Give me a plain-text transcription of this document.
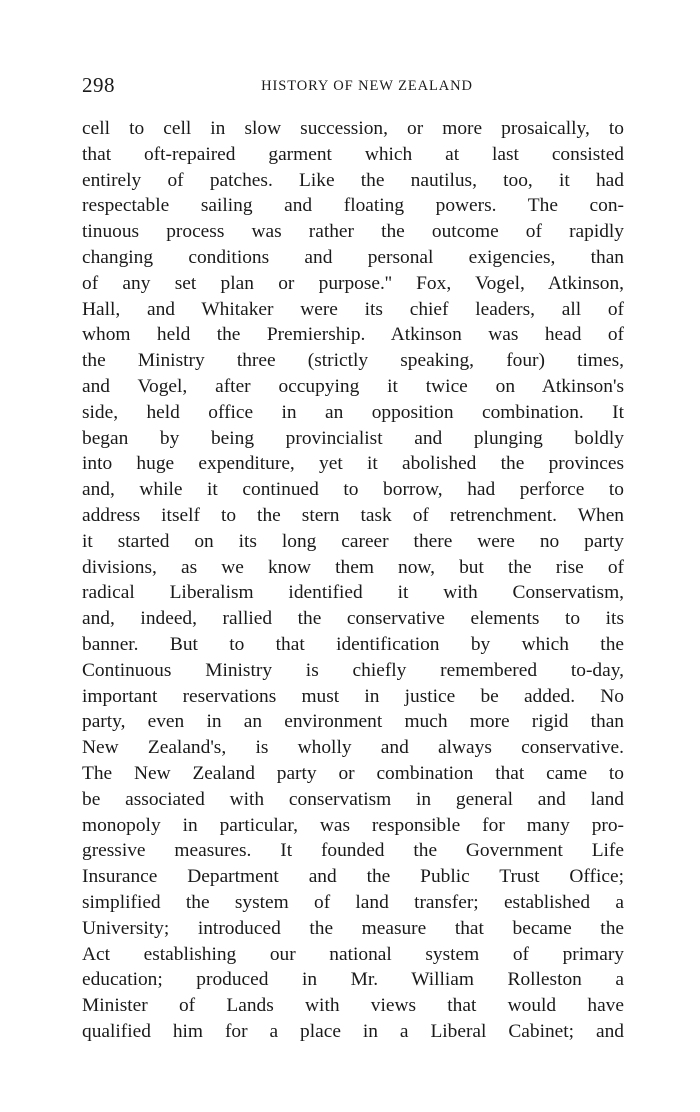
298	HISTORY OF NEW ZEALAND
cell to cell in slow succession, or more prosaically, to
that oft-repaired garment which at last consisted
entirely of patches. Like the nautilus, too, it had
respectable sailing and floating powers. The con-
tinuous process was rather the outcome of rapidly
changing conditions and personal exigencies, than
of any set plan or purpose.'' Fox, Vogel, Atkinson,
Hall, and Whitaker were its chief leaders, all of
whom held the Premiership. Atkinson was head of
the Ministry three (strictly speaking, four) times,
and Vogel, after occupying it twice on Atkinson's
side, held office in an opposition combination. It
began by being provincialist and plunging boldly
into huge expenditure, yet it abolished the provinces
and, while it continued to borrow, had perforce to
address itself to the stern task of retrenchment. When
it started on its long career there were no party
divisions, as we know them now, but the rise of
radical Liberalism identified it with Conservatism,
and, indeed, rallied the conservative elements to its
banner. But to that identification by which the
Continuous Ministry is chiefly remembered to-day,
important reservations must in justice be added. No
party, even in an environment much more rigid than
New Zealand's, is wholly and always conservative.
The New Zealand party or combination that came to
be associated with conservatism in general and land
monopoly in particular, was responsible for many pro-
gressive measures. It founded the Government Life
Insurance Department and the Public Trust Office;
simplified the system of land transfer; established a
University; introduced the measure that became the
Act establishing our national system of primary
education; produced in Mr. William Rolleston a
Minister of Lands with views that would have
qualified him for a place in a Liberal Cabinet; and
